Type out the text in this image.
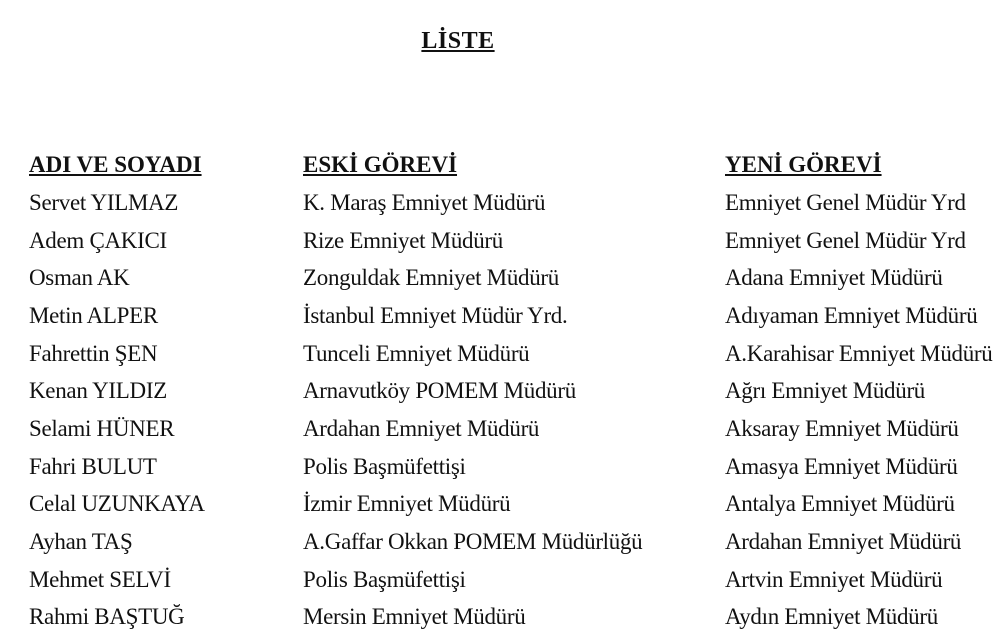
LİSTE
ADI VE SOYADI	ESKİ GÖREVİ	YENİ GÖREVİ
Servet YILMAZ	K. Maraş Emniyet Müdürü	Emniyet Genel Müdür Yrd
Adem ÇAKICI	Rize Emniyet Müdürü	Emniyet Genel Müdür Yrd
Osman AK	Zonguldak Emniyet Müdürü	Adana Emniyet Müdürü
Metin ALPER	İstanbul Emniyet Müdür Yrd.	Adıyaman Emniyet Müdürü
Fahrettin ŞEN	Tunceli Emniyet Müdürü	A.Karahisar Emniyet Müdürü
Kenan YILDIZ	Arnavutköy POMEM Müdürü	Ağrı Emniyet Müdürü
Selami HÜNER	Ardahan Emniyet Müdürü	Aksaray Emniyet Müdürü
Fahri BULUT	Polis Başmüfettişi	Amasya Emniyet Müdürü
Celal UZUNKAYA	İzmir Emniyet Müdürü	Antalya Emniyet Müdürü
Ayhan TAŞ	A.Gaffar Okkan POMEM Müdürlüğü	Ardahan Emniyet Müdürü
Mehmet SELVİ	Polis Başmüfettişi	Artvin Emniyet Müdürü
Rahmi BAŞTUĞ	Mersin Emniyet Müdürü	Aydın Emniyet Müdürü
